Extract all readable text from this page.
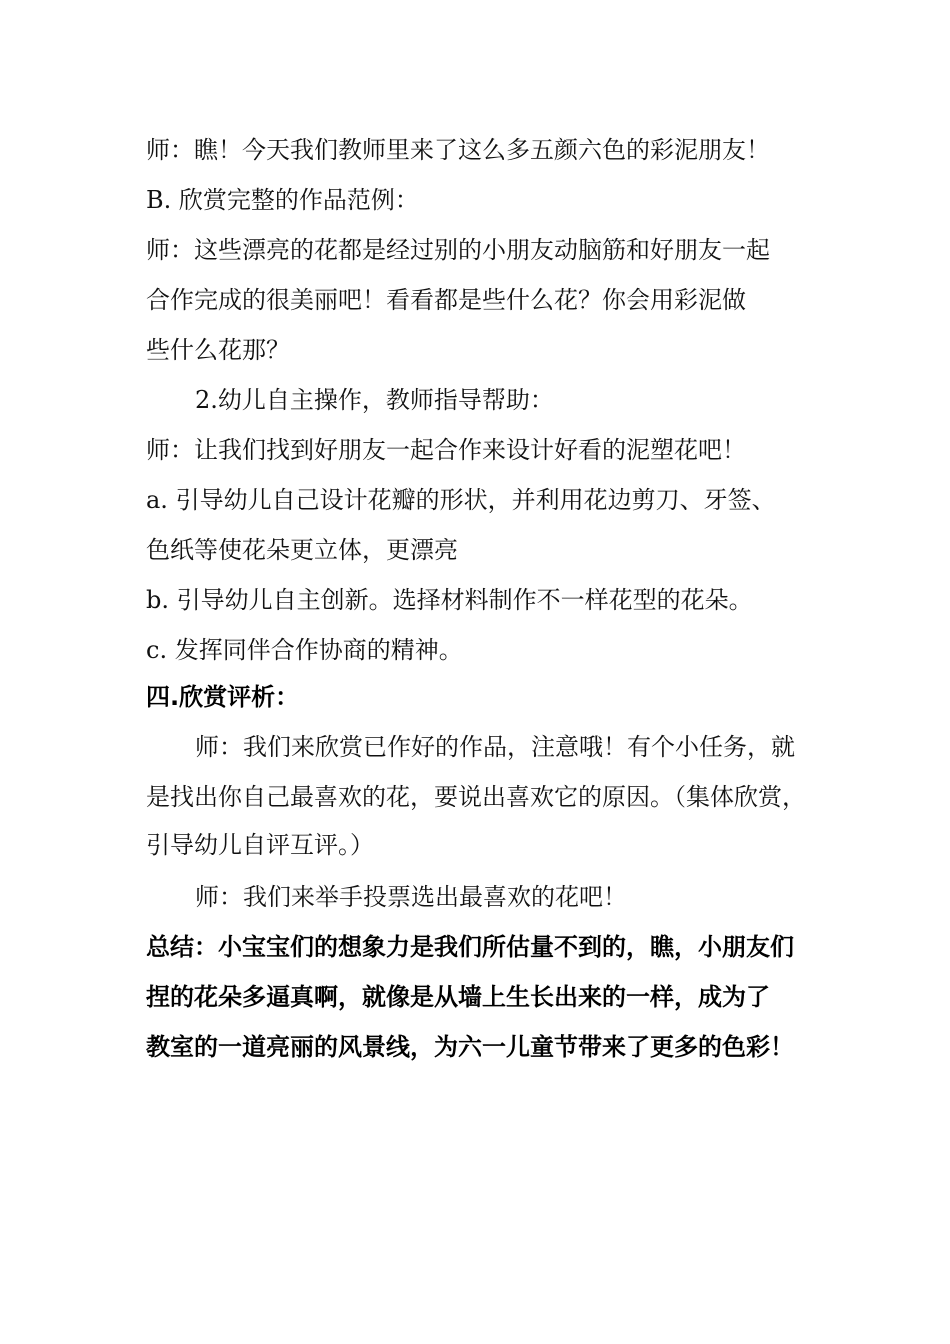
师：瞧！今天我们教师里来了这么多五颜六色的彩泥朋友！
B. 欣赏完整的作品范例：
师：这些漂亮的花都是经过别的小朋友动脑筋和好朋友一起
合作完成的很美丽吧！看看都是些什么花？你会用彩泥做
些什么花那？
2.幼儿自主操作，教师指导帮助：
师：让我们找到好朋友一起合作来设计好看的泥塑花吧！
a. 引导幼儿自己设计花瓣的形状，并利用花边剪刀、牙签、
色纸等使花朵更立体，更漂亮
b. 引导幼儿自主创新。选择材料制作不一样花型的花朵。
c. 发挥同伴合作协商的精神。
四.欣赏评析：
师：我们来欣赏已作好的作品，注意哦！有个小任务，就
是找出你自己最喜欢的花，要说出喜欢它的原因。（集体欣赏，
引导幼儿自评互评。）
师：我们来举手投票选出最喜欢的花吧！
总结：小宝宝们的想象力是我们所估量不到的，瞧，小朋友们
捏的花朵多逼真啊，就像是从墙上生长出来的一样，成为了
教室的一道亮丽的风景线，为六一儿童节带来了更多的色彩！
